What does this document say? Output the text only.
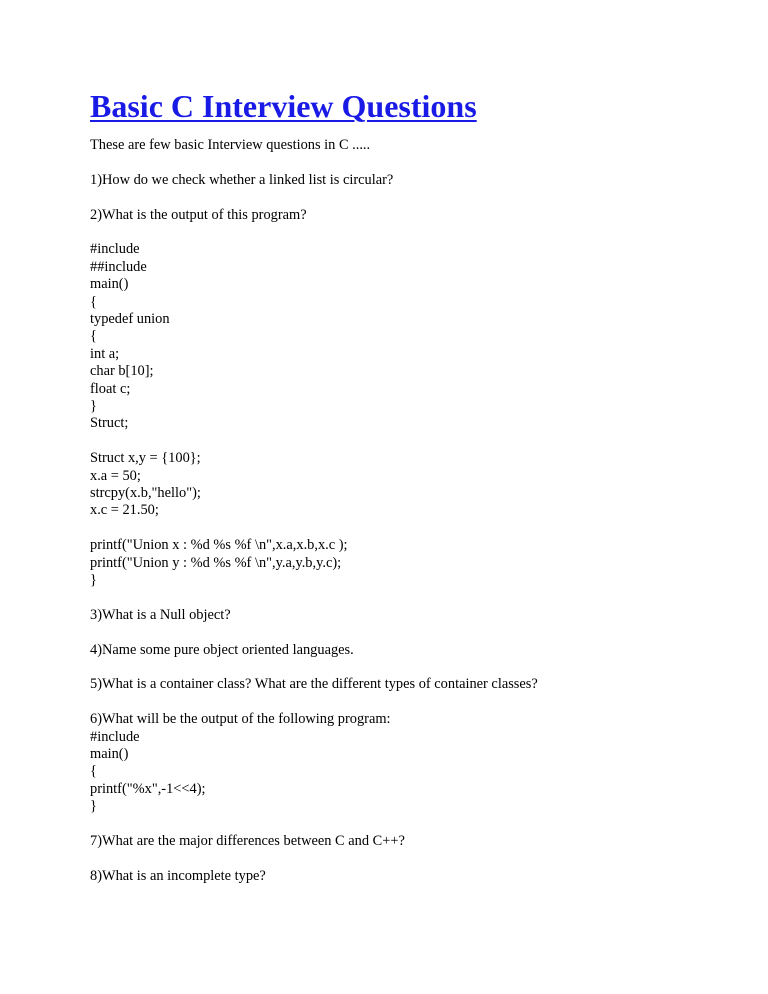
Basic C Interview Questions

These are few basic Interview questions in C .....

1)How do we check whether a linked list is circular?

2)What is the output of this program?

#include

##include

main()

{

typedef union

{

int a;

char b[10];

float c;

}

Struct;

Struct x,y = {100};

x.a = 50;

strcpy(x.b,"hello");

x.c = 21.50;

printf("Union x : %d %s %f \n",x.a,x.b,x.c );

printf("Union y : %d %s %f \n",y.a,y.b,y.c);

}

3)What is a Null object?

4)Name some pure object oriented languages.

5)What is a container class? What are the different types of container classes?

6)What will be the output of the following program:

#include

main()

{

printf("%x",-1<<4);

}

7)What are the major differences between C and C++?

8)What is an incomplete type?
